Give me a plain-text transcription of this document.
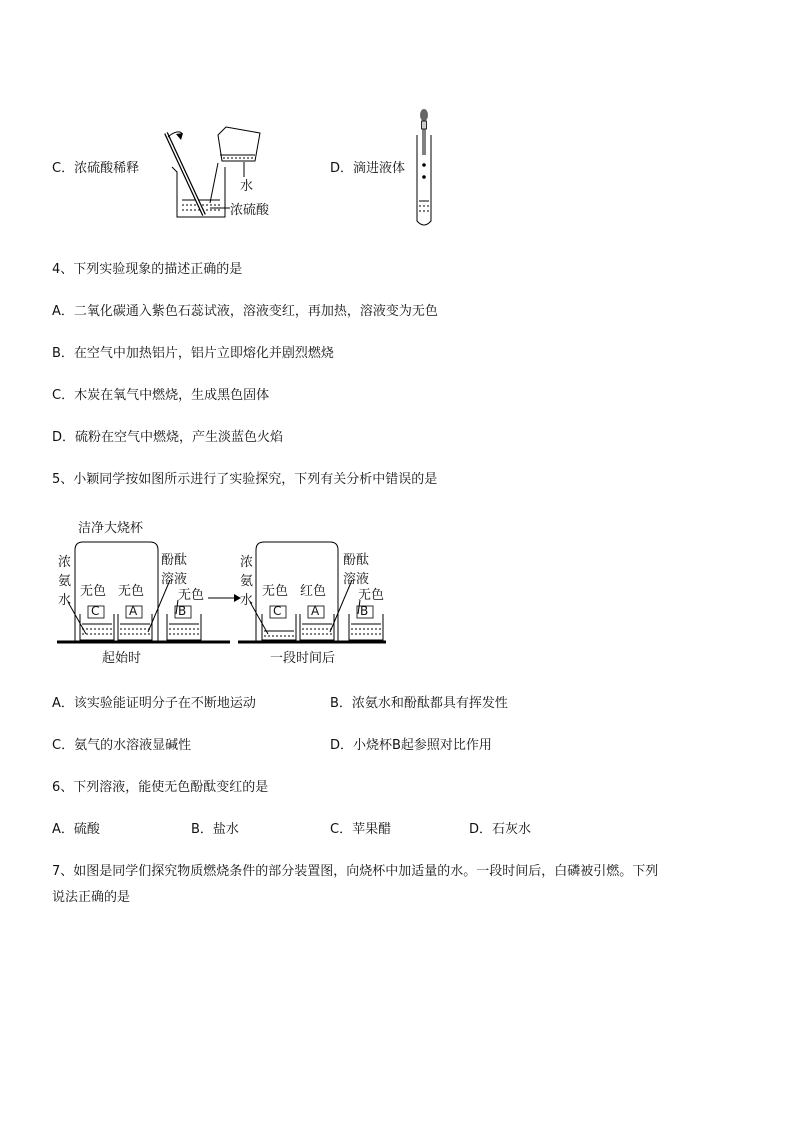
C．浓硫酸稀释
水
浓硫酸
D．滴进液体
4、下列实验现象的描述正确的是
A．二氧化碳通入紫色石蕊试液，溶液变红，再加热，溶液变为无色
B．在空气中加热铝片，铝片立即熔化并剧烈燃烧
C．木炭在氧气中燃烧，生成黑色固体
D．硫粉在空气中燃烧，产生淡蓝色火焰
5、小颖同学按如图所示进行了实验探究，下列有关分析中错误的是
洁净大烧杯
浓
氨
水
酚酞
溶液
无色 无色	无色
C A	B
起始时
浓
氨
水
酚酞
溶液
无色 红色 无色
C A	B
一段时间后
A．该实验能证明分子在不断地运动	B．浓氨水和酚酞都具有挥发性
C．氨气的水溶液显碱性	D．小烧杯B起参照对比作用
6、下列溶液，能使无色酚酞变红的是
A．硫酸	B．盐水	C．苹果醋	D．石灰水
7、如图是同学们探究物质燃烧条件的部分装置图，向烧杯中加适量的水。一段时间后，白磷被引燃。下列
说法正确的是
